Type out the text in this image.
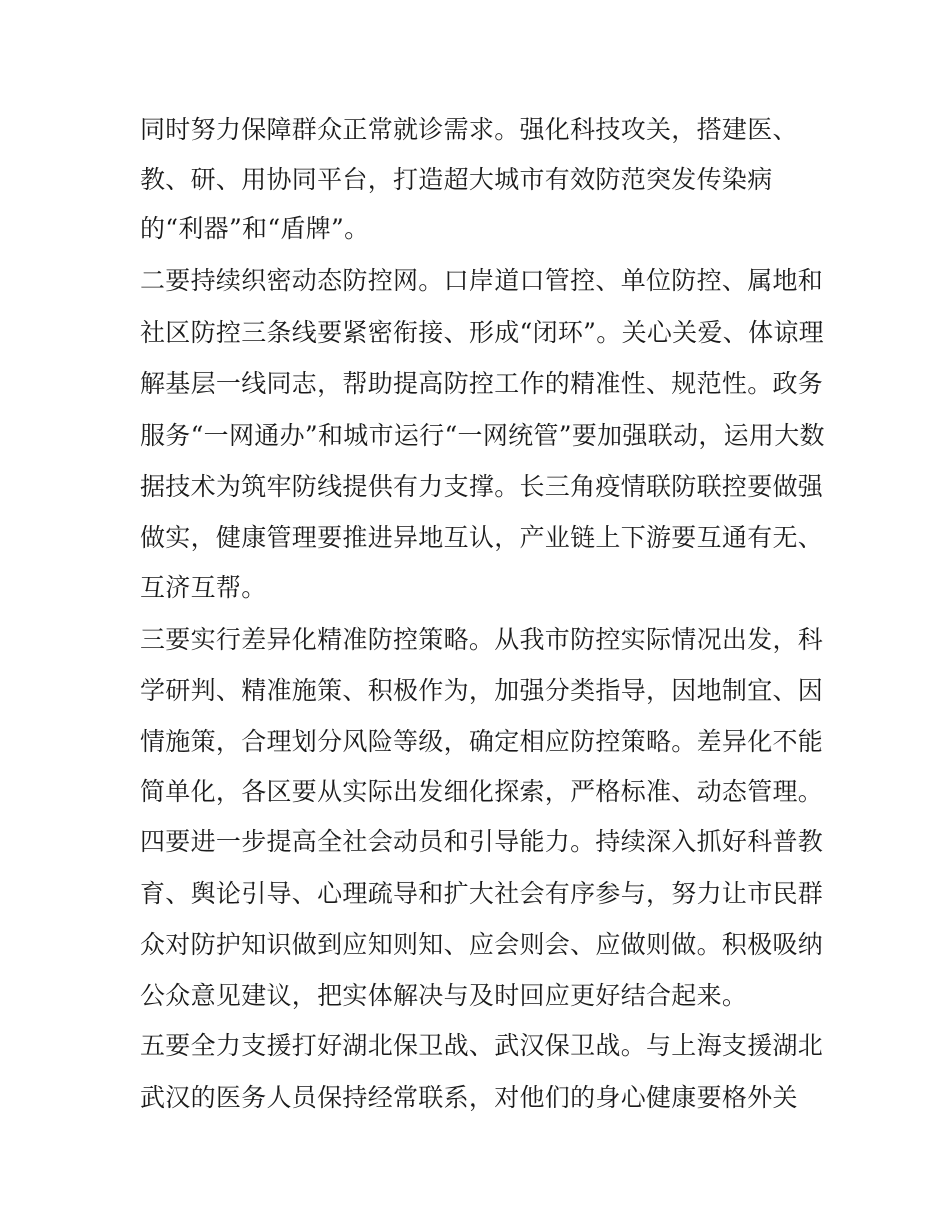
同时努力保障群众正常就诊需求。强化科技攻关，搭建医、
教、研、用协同平台，打造超大城市有效防范突发传染病
的“利器”和“盾牌”。
二要持续织密动态防控网。口岸道口管控、单位防控、属地和
社区防控三条线要紧密衔接、形成“闭环”。关心关爱、体谅理
解基层一线同志，帮助提高防控工作的精准性、规范性。政务
服务“一网通办”和城市运行“一网统管”要加强联动，运用大数
据技术为筑牢防线提供有力支撑。长三角疫情联防联控要做强
做实，健康管理要推进异地互认，产业链上下游要互通有无、
互济互帮。
三要实行差异化精准防控策略。从我市防控实际情况出发，科
学研判、精准施策、积极作为，加强分类指导，因地制宜、因
情施策，合理划分风险等级，确定相应防控策略。差异化不能
简单化，各区要从实际出发细化探索，严格标准、动态管理。
四要进一步提高全社会动员和引导能力。持续深入抓好科普教
育、舆论引导、心理疏导和扩大社会有序参与，努力让市民群
众对防护知识做到应知则知、应会则会、应做则做。积极吸纳
公众意见建议，把实体解决与及时回应更好结合起来。
五要全力支援打好湖北保卫战、武汉保卫战。与上海支援湖北
武汉的医务人员保持经常联系，对他们的身心健康要格外关
